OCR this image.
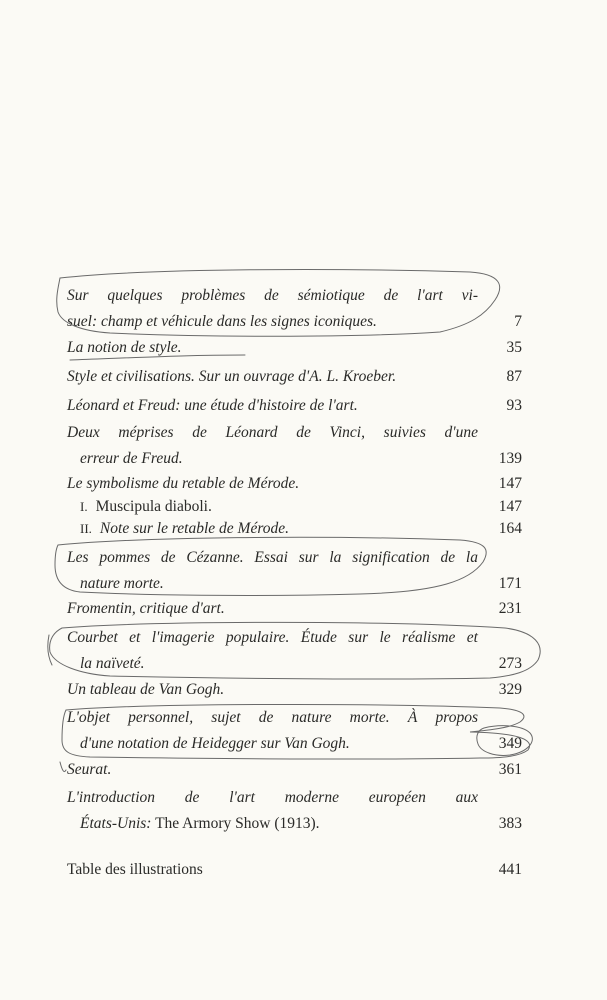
Sur quelques problèmes de sémiotique de l'art vi-
suel: champ et véhicule dans les signes iconiques.	7
La notion de style.	35
Style et civilisations. Sur un ouvrage d'A. L. Kroeber.	87
Léonard et Freud: une étude d'histoire de l'art.	93
Deux méprises de Léonard de Vinci, suivies d'une
erreur de Freud.	139
Le symbolisme du retable de Mérode.	147
I. Muscipula diaboli.	147
II. Note sur le retable de Mérode.	164
Les pommes de Cézanne. Essai sur la signification de la
nature morte.	171
Fromentin, critique d'art.	231
Courbet et l'imagerie populaire. Étude sur le réalisme et
la naïveté.	273
Un tableau de Van Gogh.	329
L'objet personnel, sujet de nature morte. À propos
d'une notation de Heidegger sur Van Gogh.	349
Seurat.	361
L'introduction de l'art moderne européen aux
États-Unis: The Armory Show (1913).	383
Table des illustrations	441
